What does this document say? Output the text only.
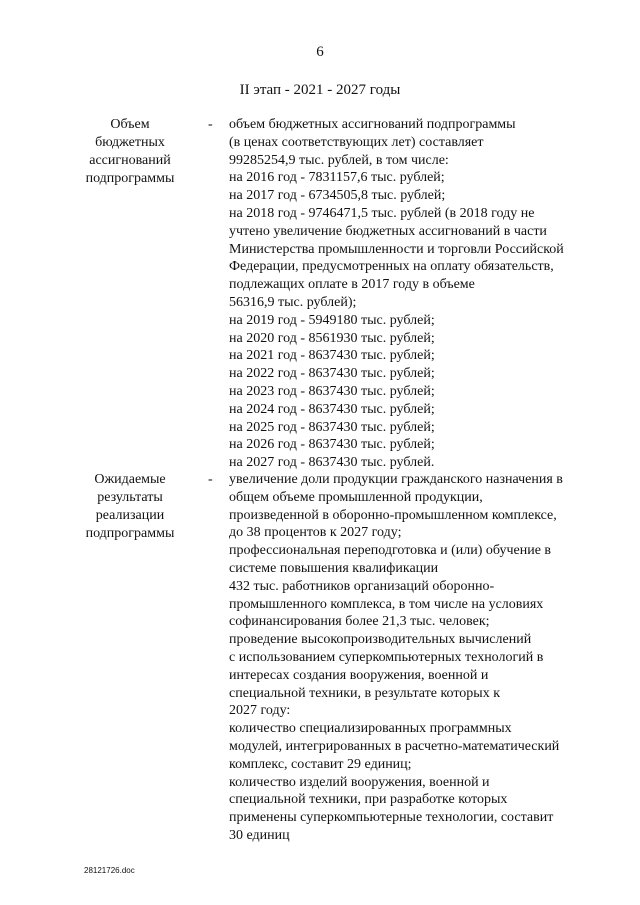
6
II этап - 2021 - 2027 годы
Объем
бюджетных
ассигнований
подпрограммы
- объем бюджетных ассигнований подпрограммы
(в ценах соответствующих лет) составляет
99285254,9 тыс. рублей, в том числе:
на 2016 год - 7831157,6 тыс. рублей;
на 2017 год - 6734505,8 тыс. рублей;
на 2018 год - 9746471,5 тыс. рублей (в 2018 году не
учтено увеличение бюджетных ассигнований в части
Министерства промышленности и торговли Российской
Федерации, предусмотренных на оплату обязательств,
подлежащих оплате в 2017 году в объеме
56316,9 тыс. рублей);
на 2019 год - 5949180 тыс. рублей;
на 2020 год - 8561930 тыс. рублей;
на 2021 год - 8637430 тыс. рублей;
на 2022 год - 8637430 тыс. рублей;
на 2023 год - 8637430 тыс. рублей;
на 2024 год - 8637430 тыс. рублей;
на 2025 год - 8637430 тыс. рублей;
на 2026 год - 8637430 тыс. рублей;
на 2027 год - 8637430 тыс. рублей.
Ожидаемые
результаты
реализации
подпрограммы
- увеличение доли продукции гражданского назначения в
общем объеме промышленной продукции,
произведенной в оборонно-промышленном комплексе,
до 38 процентов к 2027 году;
профессиональная переподготовка и (или) обучение в
системе повышения квалификации
432 тыс. работников организаций оборонно-
промышленного комплекса, в том числе на условиях
софинансирования более 21,3 тыс. человек;
проведение высокопроизводительных вычислений
с использованием суперкомпьютерных технологий в
интересах создания вооружения, военной и
специальной техники, в результате которых к
2027 году:
количество специализированных программных
модулей, интегрированных в расчетно-математический
комплекс, составит 29 единиц;
количество изделий вооружения, военной и
специальной техники, при разработке которых
применены суперкомпьютерные технологии, составит
30 единиц
28121726.doc
